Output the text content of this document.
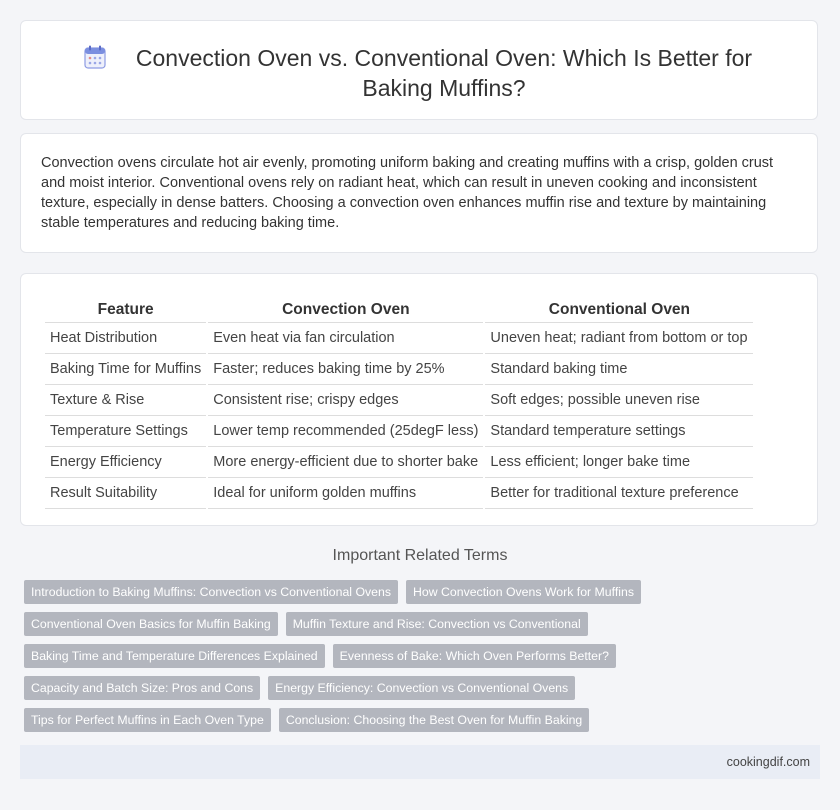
Convection Oven vs. Conventional Oven: Which Is Better for Baking Muffins?

Convection ovens circulate hot air evenly, promoting uniform baking and creating muffins with a crisp, golden crust and moist interior. Conventional ovens rely on radiant heat, which can result in uneven cooking and inconsistent texture, especially in dense batters. Choosing a convection oven enhances muffin rise and texture by maintaining stable temperatures and reducing baking time.

Feature	Convection Oven	Conventional Oven
Heat Distribution	Even heat via fan circulation	Uneven heat; radiant from bottom or top
Baking Time for Muffins	Faster; reduces baking time by 25%	Standard baking time
Texture & Rise	Consistent rise; crispy edges	Soft edges; possible uneven rise
Temperature Settings	Lower temp recommended (25degF less)	Standard temperature settings
Energy Efficiency	More energy-efficient due to shorter bake	Less efficient; longer bake time
Result Suitability	Ideal for uniform golden muffins	Better for traditional texture preference
Important Related Terms
Introduction to Baking Muffins: Convection vs Conventional Ovens	How Convection Ovens Work for Muffins
Conventional Oven Basics for Muffin Baking	Muffin Texture and Rise: Convection vs Conventional
Baking Time and Temperature Differences Explained	Evenness of Bake: Which Oven Performs Better?
Capacity and Batch Size: Pros and Cons	Energy Efficiency: Convection vs Conventional Ovens
Tips for Perfect Muffins in Each Oven Type	Conclusion: Choosing the Best Oven for Muffin Baking
cookingdif.com
